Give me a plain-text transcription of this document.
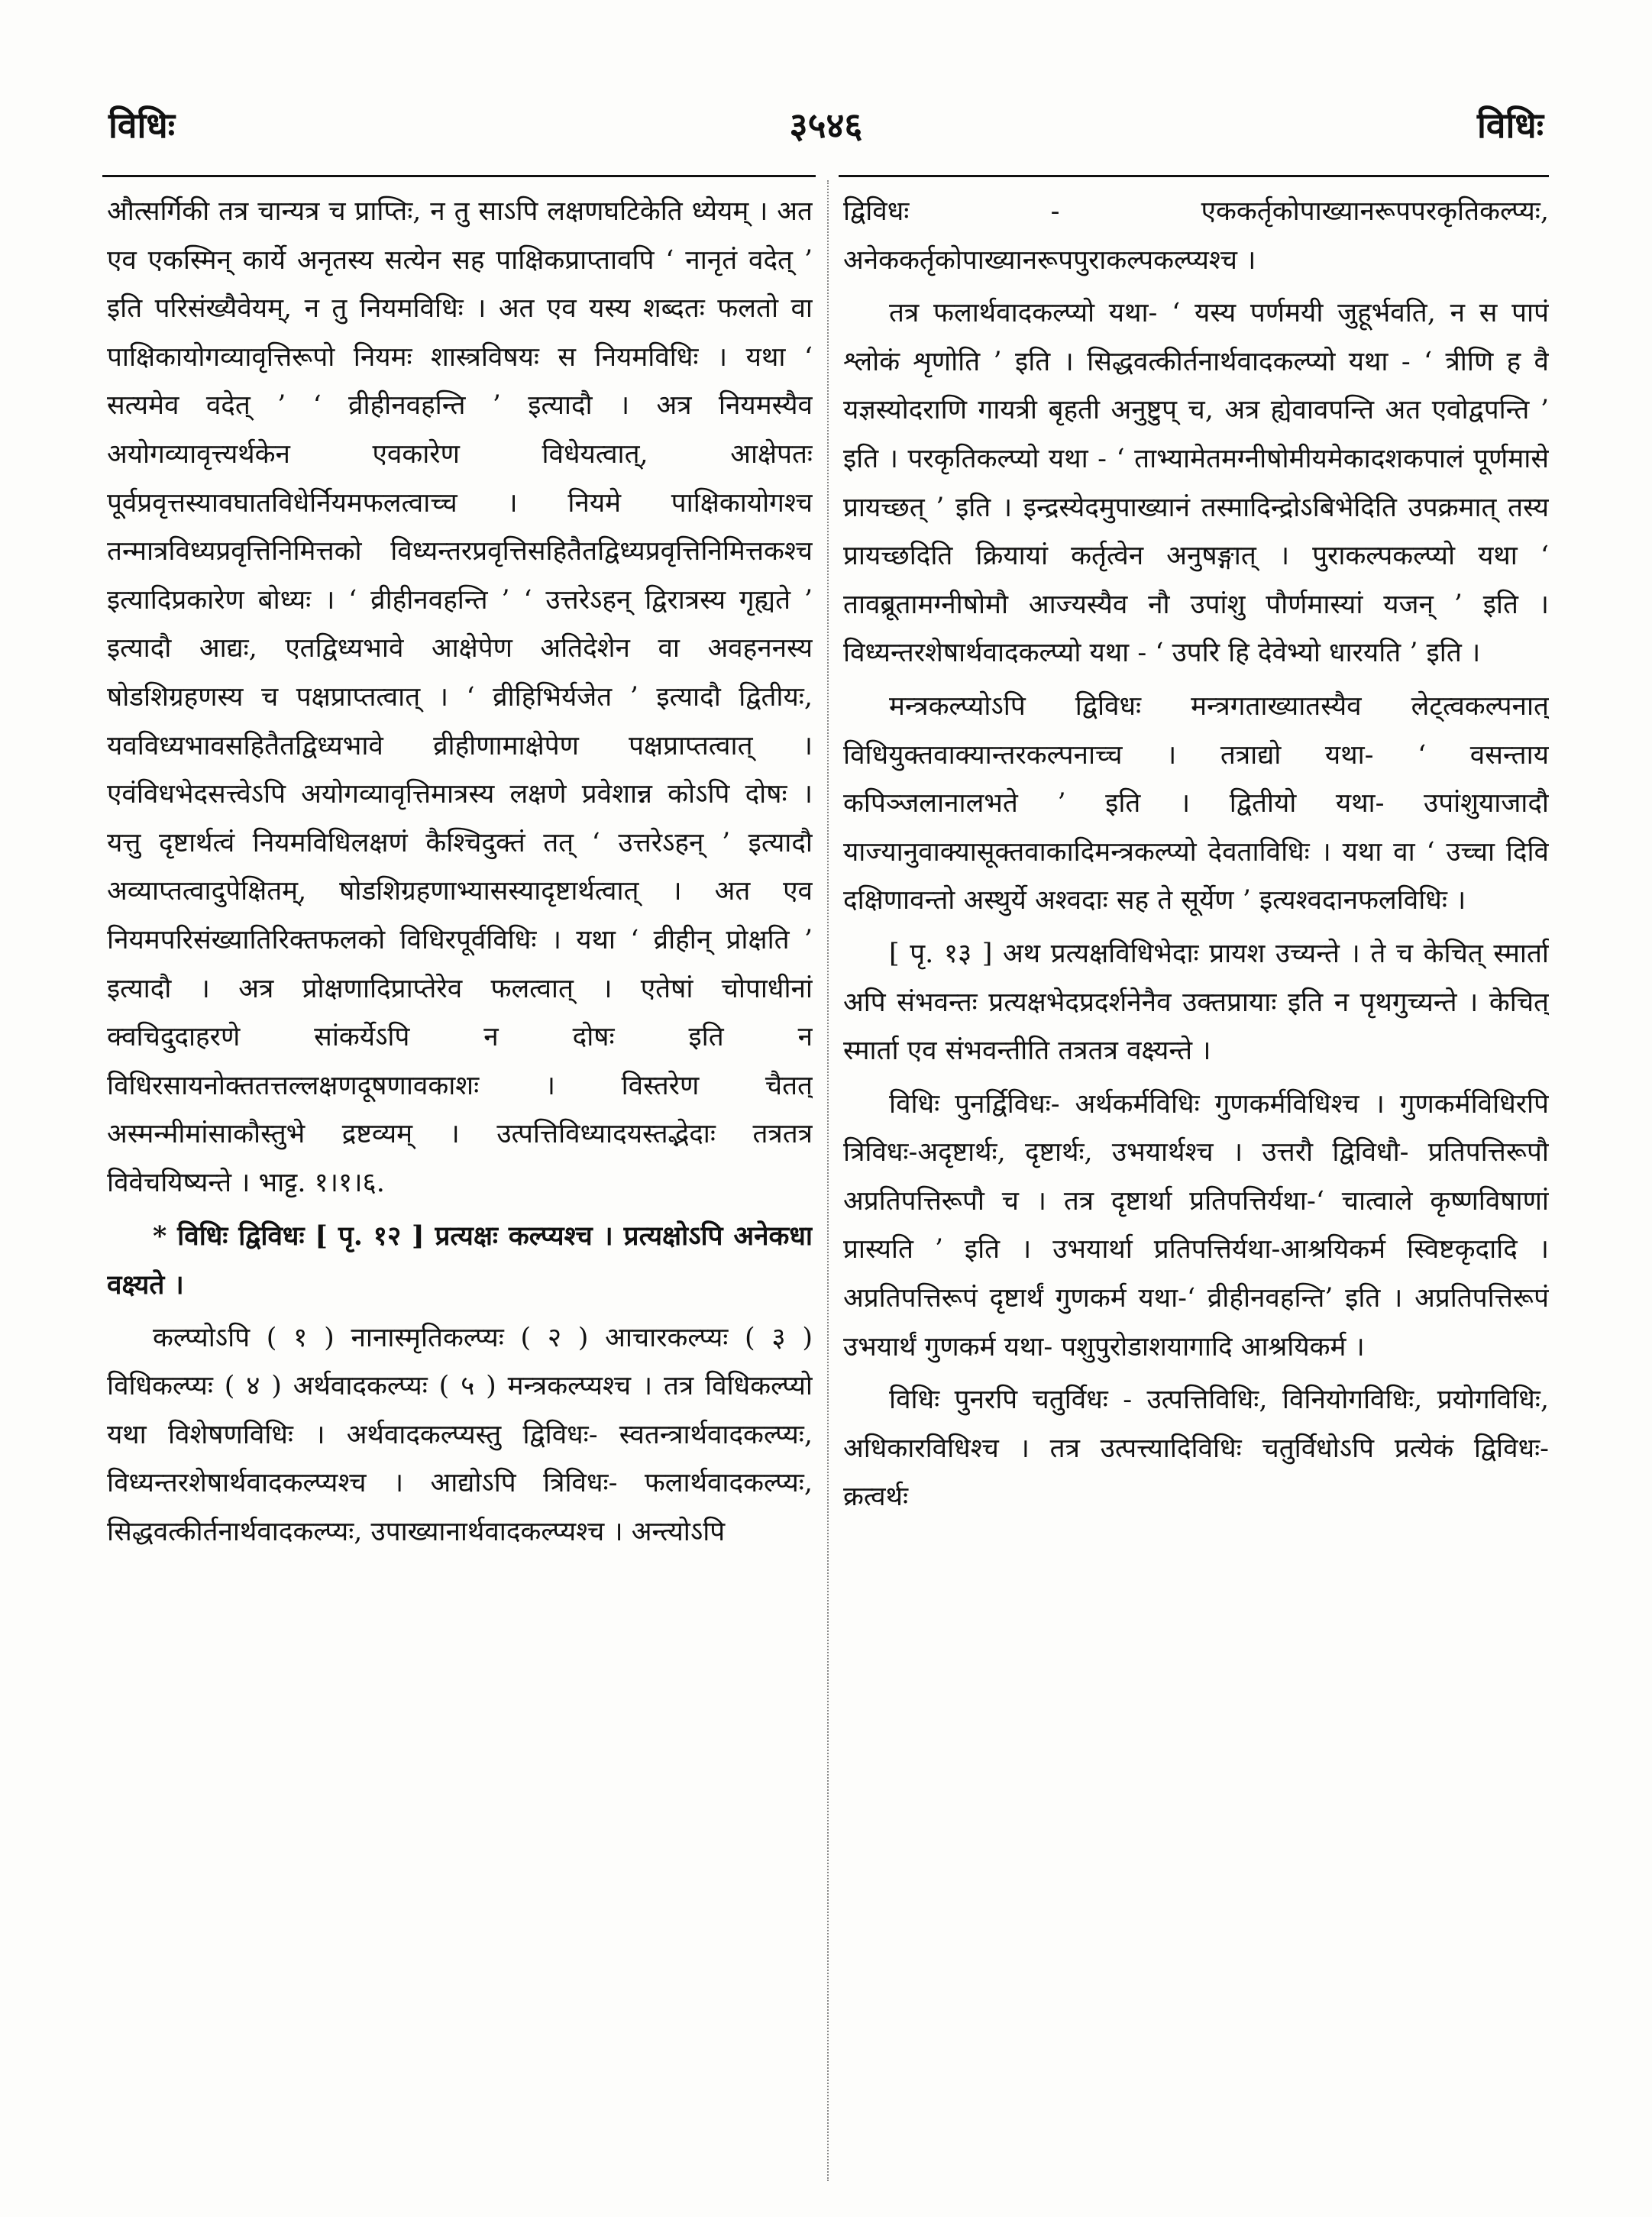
विधिः	३५४६	विधिः

औत्सर्गिकी तत्र चान्यत्र च प्राप्तिः, न तु साऽपि लक्षणघटिकेति ध्येयम् । अत एव एकस्मिन् कार्ये अनृतस्य सत्येन सह पाक्षिकप्राप्तावपि ‘ नानृतं वदेत् ’ इति परिसंख्यैवेयम्, न तु नियमविधिः । अत एव यस्य शब्दतः फलतो वा पाक्षिकायोगव्यावृत्तिरूपो नियमः शास्त्रविषयः स नियमविधिः । यथा ‘ सत्यमेव वदेत् ’ ‘ व्रीहीनवहन्ति ’ इत्यादौ । अत्र नियमस्यैव अयोगव्यावृत्त्यर्थकेन एवकारेण विधेयत्वात्, आक्षेपतः पूर्वप्रवृत्तस्यावघातविधेर्नियमफलत्वाच्च । नियमे पाक्षिकायोगश्च तन्मात्रविध्यप्रवृत्तिनिमित्तको विध्यन्तरप्रवृत्तिसहितैतद्विध्यप्रवृत्तिनिमित्तकश्च इत्यादिप्रकारेण बोध्यः । ‘ व्रीहीनवहन्ति ’ ‘ उत्तरेऽहन् द्विरात्रस्य गृह्यते ’ इत्यादौ आद्यः, एतद्विध्यभावे आक्षेपेण अतिदेशेन वा अवहननस्य षोडशिग्रहणस्य च पक्षप्राप्तत्वात् । ‘ व्रीहिभिर्यजेत ’ इत्यादौ द्वितीयः, यवविध्यभावसहितैतद्विध्यभावे व्रीहीणामाक्षेपेण पक्षप्राप्तत्वात् । एवंविधभेदसत्त्वेऽपि अयोगव्यावृत्तिमात्रस्य लक्षणे प्रवेशान्न कोऽपि दोषः । यत्तु दृष्टार्थत्वं नियमविधिलक्षणं कैश्चिदुक्तं तत् ‘ उत्तरेऽहन् ’ इत्यादौ अव्याप्तत्वादुपेक्षितम्, षोडशिग्रहणाभ्यासस्यादृष्टार्थत्वात् । अत एव नियमपरिसंख्यातिरिक्तफलको विधिरपूर्वविधिः । यथा ‘ व्रीहीन् प्रोक्षति ’ इत्यादौ । अत्र प्रोक्षणादिप्राप्तेरेव फलत्वात् । एतेषां चोपाधीनां क्वचिदुदाहरणे सांकर्येऽपि न दोषः इति न विधिरसायनोक्ततत्तल्लक्षणदूषणावकाशः । विस्तरेण चैतत् अस्मन्मीमांसाकौस्तुभे द्रष्टव्यम् । उत्पत्तिविध्यादयस्तद्भेदाः तत्रतत्र विवेचयिष्यन्ते । भाट्ट. १।१।६.

* विधिः द्विविधः [ पृ. १२ ] प्रत्यक्षः कल्प्यश्च । प्रत्यक्षोऽपि अनेकधा वक्ष्यते ।

कल्प्योऽपि ( १ ) नानास्मृतिकल्प्यः ( २ ) आचारकल्प्यः ( ३ ) विधिकल्प्यः ( ४ ) अर्थवादकल्प्यः ( ५ ) मन्त्रकल्प्यश्च । तत्र विधिकल्प्यो यथा विशेषणविधिः । अर्थवादकल्प्यस्तु द्विविधः- स्वतन्त्रार्थवादकल्प्यः, विध्यन्तरशेषार्थवादकल्प्यश्च । आद्योऽपि त्रिविधः- फलार्थवादकल्प्यः, सिद्धवत्कीर्तनार्थवादकल्प्यः, उपाख्यानार्थवादकल्प्यश्च । अन्त्योऽपि

द्विविधः - एककर्तृकोपाख्यानरूपपरकृतिकल्प्यः, अनेककर्तृकोपाख्यानरूपपुराकल्पकल्प्यश्च ।

तत्र फलार्थवादकल्प्यो यथा- ‘ यस्य पर्णमयी जुहूर्भवति, न स पापं श्लोकं शृणोति ’ इति । सिद्धवत्कीर्तनार्थवादकल्प्यो यथा - ‘ त्रीणि ह वै यज्ञस्योदराणि गायत्री बृहती अनुष्टुप् च, अत्र ह्येवावपन्ति अत एवोद्वपन्ति ’ इति । परकृतिकल्प्यो यथा - ‘ ताभ्यामेतमग्नीषोमीयमेकादशकपालं पूर्णमासे प्रायच्छत् ’ इति । इन्द्रस्येदमुपाख्यानं तस्मादिन्द्रोऽबिभेदिति उपक्रमात् तस्य प्रायच्छदिति क्रियायां कर्तृत्वेन अनुषङ्गात् । पुराकल्पकल्प्यो यथा ‘ तावब्रूतामग्नीषोमौ आज्यस्यैव नौ उपांशु पौर्णमास्यां यजन् ’ इति । विध्यन्तरशेषार्थवादकल्प्यो यथा - ‘ उपरि हि देवेभ्यो धारयति ’ इति ।

मन्त्रकल्प्योऽपि द्विविधः मन्त्रगताख्यातस्यैव लेट्त्वकल्पनात् विधियुक्तवाक्यान्तरकल्पनाच्च । तत्राद्यो यथा- ‘ वसन्ताय कपिञ्जलानालभते ’ इति । द्वितीयो यथा- उपांशुयाजादौ याज्यानुवाक्यासूक्तवाकादिमन्त्रकल्प्यो देवताविधिः । यथा वा ‘ उच्चा दिवि दक्षिणावन्तो अस्थुर्ये अश्वदाः सह ते सूर्येण ’ इत्यश्वदानफलविधिः ।

[ पृ. १३ ] अथ प्रत्यक्षविधिभेदाः प्रायश उच्यन्ते । ते च केचित् स्मार्ता अपि संभवन्तः प्रत्यक्षभेदप्रदर्शनेनैव उक्तप्रायाः इति न पृथगुच्यन्ते । केचित् स्मार्ता एव संभवन्तीति तत्रतत्र वक्ष्यन्ते ।

विधिः पुनर्द्विविधः- अर्थकर्मविधिः गुणकर्मविधिश्च । गुणकर्मविधिरपि त्रिविधः-अदृष्टार्थः, दृष्टार्थः, उभयार्थश्च । उत्तरौ द्विविधौ- प्रतिपत्तिरूपौ अप्रतिपत्तिरूपौ च । तत्र दृष्टार्था प्रतिपत्तिर्यथा-‘ चात्वाले कृष्णविषाणां प्रास्यति ’ इति । उभयार्था प्रतिपत्तिर्यथा-आश्रयिकर्म स्विष्टकृदादि । अप्रतिपत्तिरूपं दृष्टार्थं गुणकर्म यथा-‘ व्रीहीनवहन्ति’ इति । अप्रतिपत्तिरूपं उभयार्थं गुणकर्म यथा- पशुपुरोडाशयागादि आश्रयिकर्म ।

विधिः पुनरपि चतुर्विधः - उत्पत्तिविधिः, विनियोगविधिः, प्रयोगविधिः, अधिकारविधिश्च । तत्र उत्पत्त्यादिविधिः चतुर्विधोऽपि प्रत्येकं द्विविधः- क्रत्वर्थः
